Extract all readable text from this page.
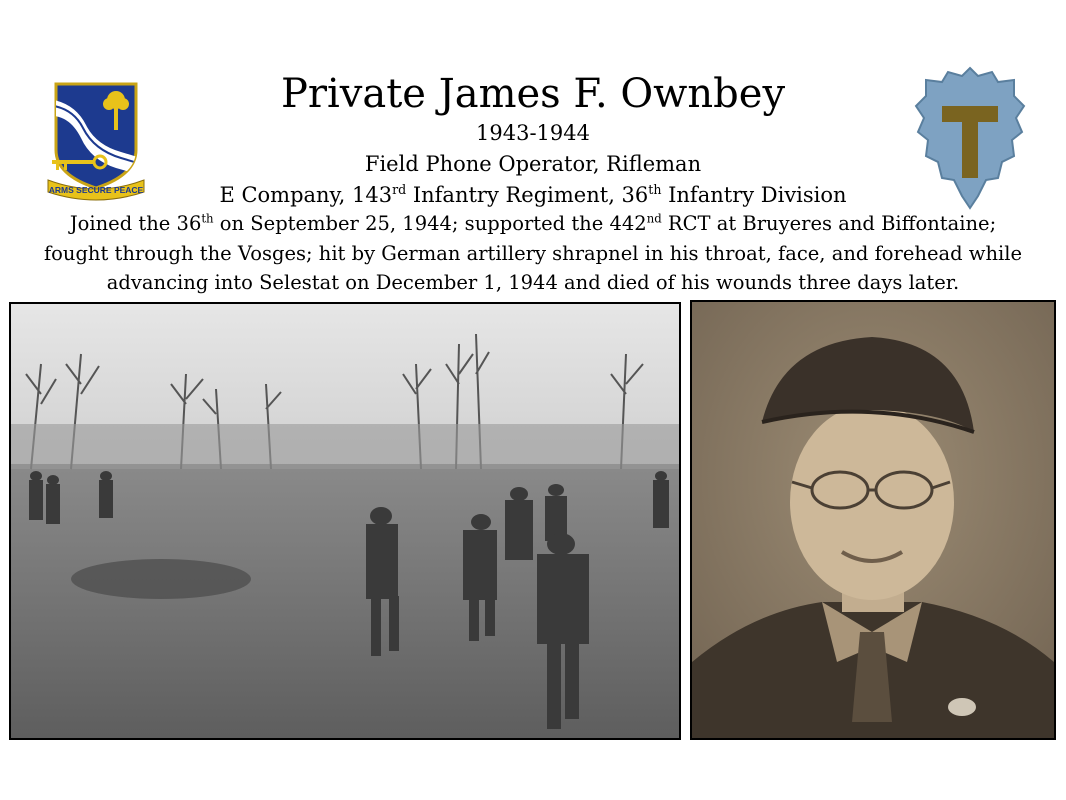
ARMS SECURE PEACE
Private James F. Ownbey
1943-1944
Field Phone Operator, Rifleman
E Company, 143rd Infantry Regiment, 36th Infantry Division
Joined the 36th on September 25, 1944; supported the 442nd RCT at Bruyeres and Biffontaine;
fought through the Vosges; hit by German artillery shrapnel in his throat, face, and forehead while
advancing into Selestat on December 1, 1944 and died of his wounds three days later.
